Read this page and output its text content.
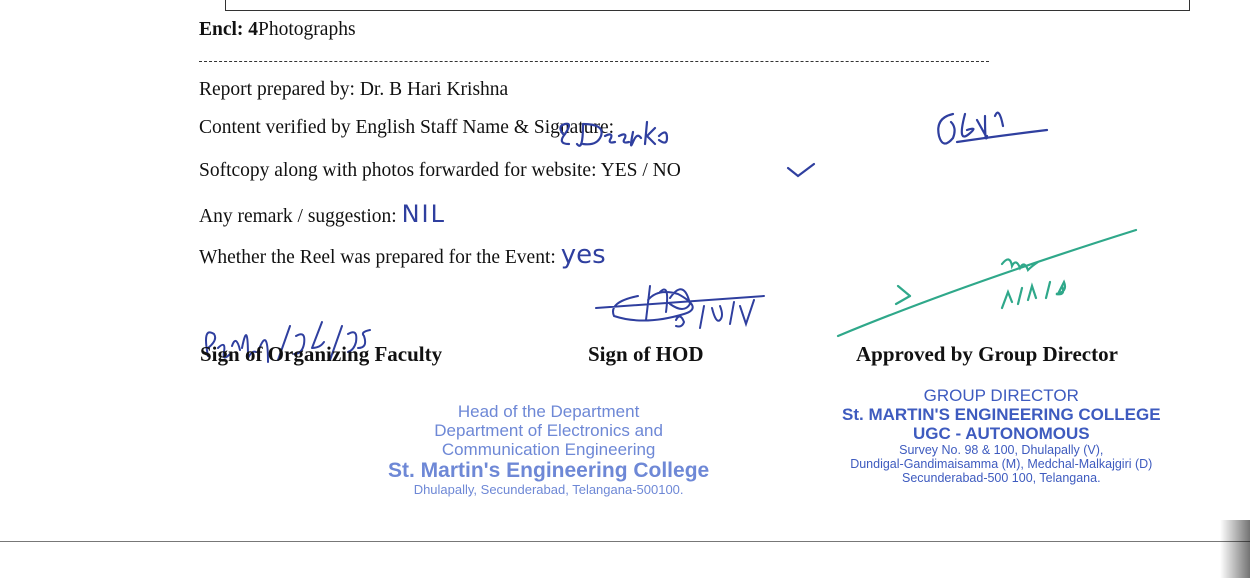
Encl: 4Photographs
Report prepared by: Dr. B Hari Krishna
Content verified by English Staff Name & Signature:
Softcopy along with photos forwarded for website: YES / NO
Any remark / suggestion: NIL
Whether the Reel was prepared for the Event: yes
Sign of Organizing Faculty	Sign of HOD	Approved by Group Director
Head of the Department
Department of Electronics and
Communication Engineering
St. Martin's Engineering College
Dhulapally, Secunderabad, Telangana-500100.
GROUP DIRECTOR
St. MARTIN'S ENGINEERING COLLEGE
UGC - AUTONOMOUS
Survey No. 98 & 100, Dhulapally (V),
Dundigal-Gandimaisamma (M), Medchal-Malkajgiri (D)
Secunderabad-500 100, Telangana.
